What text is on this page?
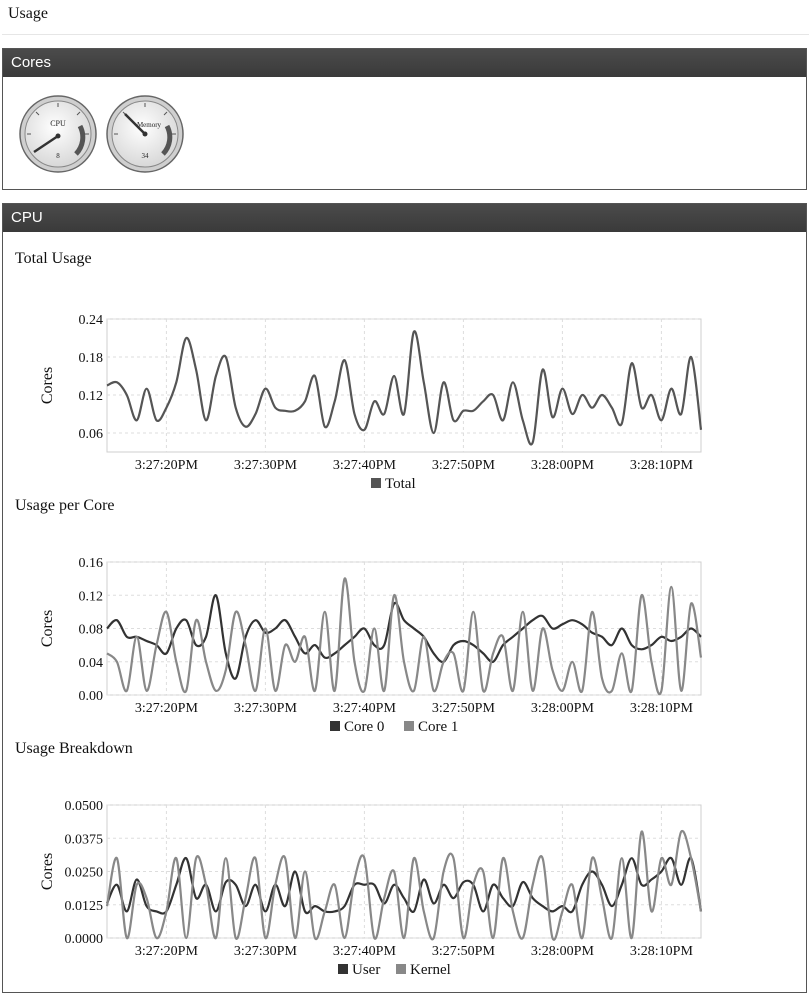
Usage
Cores
CPU
8
Memory
34
CPU
Total Usage
0.24
0.18
0.12
0.06
3:27:20PM	3:27:30PM	3:27:40PM	3:27:50PM	3:28:00PM	3:28:10PM
Cores
Total
Usage per Core
0.16
0.12
0.08
0.04
0.00
3:27:20PM	3:27:30PM	3:27:40PM	3:27:50PM	3:28:00PM	3:28:10PM
Cores
Core 0 Core 1
Usage Breakdown
0.0500
0.0375
0.0250
0.0125
0.0000
3:27:20PM	3:27:30PM	3:27:40PM	3:27:50PM	3:28:00PM	3:28:10PM
Cores
User Kernel
